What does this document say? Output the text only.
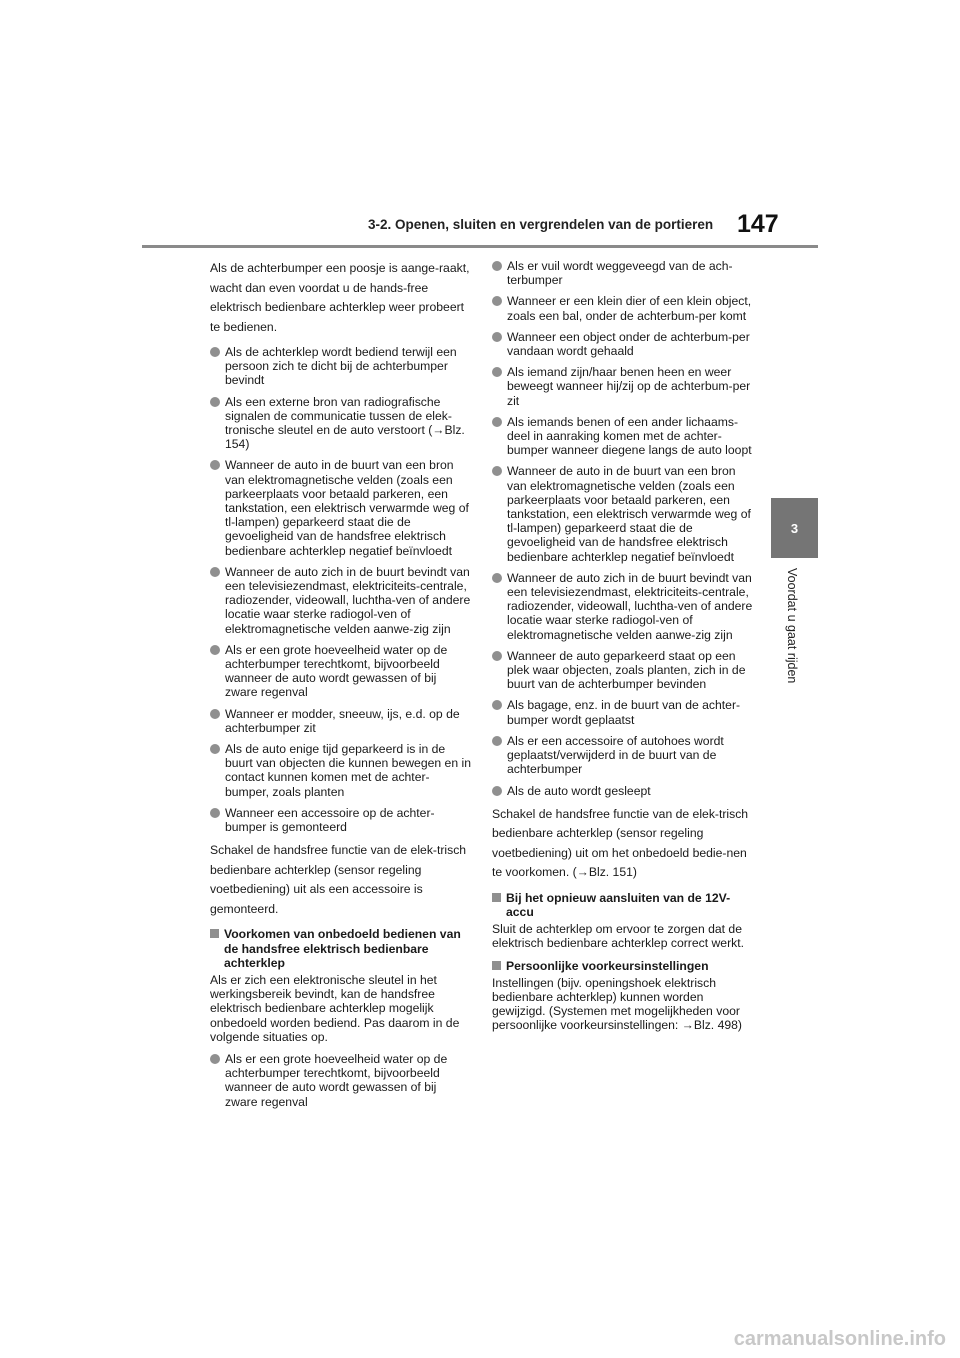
3-2. Openen, sluiten en vergrendelen van de portieren 147
3
Voordat u gaat rijden

Als de achterbumper een poosje is aange-raakt, wacht dan even voordat u de hands-free elektrisch bedienbare achterklep weer probeert te bedienen.

Als de achterklep wordt bediend terwijl een persoon zich te dicht bij de achterbumper bevindt
Als een externe bron van radiografische signalen de communicatie tussen de elek-tronische sleutel en de auto verstoort (→Blz. 154)
Wanneer de auto in de buurt van een bron van elektromagnetische velden (zoals een parkeerplaats voor betaald parkeren, een tankstation, een elektrisch verwarmde weg of tl-lampen) geparkeerd staat die de gevoeligheid van de handsfree elektrisch bedienbare achterklep negatief beïnvloedt
Wanneer de auto zich in de buurt bevindt van een televisiezendmast, elektriciteits-centrale, radiozender, videowall, luchtha-ven of andere locatie waar sterke radiogol-ven of elektromagnetische velden aanwe-zig zijn
Als er een grote hoeveelheid water op de achterbumper terechtkomt, bijvoorbeeld wanneer de auto wordt gewassen of bij zware regenval
Wanneer er modder, sneeuw, ijs, e.d. op de achterbumper zit
Als de auto enige tijd geparkeerd is in de buurt van objecten die kunnen bewegen en in contact kunnen komen met de achter-bumper, zoals planten
Wanneer een accessoire op de achter-bumper is gemonteerd

Schakel de handsfree functie van de elek-trisch bedienbare achterklep (sensor regeling voetbediening) uit als een accessoire is gemonteerd.

Voorkomen van onbedoeld bedienen van de handsfree elektrisch bedienbare achterklep

Als er zich een elektronische sleutel in het werkingsbereik bevindt, kan de handsfree elektrisch bedienbare achterklep mogelijk onbedoeld worden bediend. Pas daarom in de volgende situaties op.

Als er een grote hoeveelheid water op de achterbumper terechtkomt, bijvoorbeeld wanneer de auto wordt gewassen of bij zware regenval
Als er vuil wordt weggeveegd van de ach-terbumper
Wanneer er een klein dier of een klein object, zoals een bal, onder de achterbum-per komt
Wanneer een object onder de achterbum-per vandaan wordt gehaald
Als iemand zijn/haar benen heen en weer beweegt wanneer hij/zij op de achterbum-per zit
Als iemands benen of een ander lichaams-deel in aanraking komen met de achter-bumper wanneer diegene langs de auto loopt
Wanneer de auto in de buurt van een bron van elektromagnetische velden (zoals een parkeerplaats voor betaald parkeren, een tankstation, een elektrisch verwarmde weg of tl-lampen) geparkeerd staat die de gevoeligheid van de handsfree elektrisch bedienbare achterklep negatief beïnvloedt
Wanneer de auto zich in de buurt bevindt van een televisiezendmast, elektriciteits-centrale, radiozender, videowall, luchtha-ven of andere locatie waar sterke radiogol-ven of elektromagnetische velden aanwe-zig zijn
Wanneer de auto geparkeerd staat op een plek waar objecten, zoals planten, zich in de buurt van de achterbumper bevinden
Als bagage, enz. in de buurt van de achter-bumper wordt geplaatst
Als er een accessoire of autohoes wordt geplaatst/verwijderd in de buurt van de achterbumper
Als de auto wordt gesleept

Schakel de handsfree functie van de elek-trisch bedienbare achterklep (sensor regeling voetbediening) uit om het onbedoeld bedie-nen te voorkomen. (→Blz. 151)

Bij het opnieuw aansluiten van de 12V-accu

Sluit de achterklep om ervoor te zorgen dat de elektrisch bedienbare achterklep correct werkt.

Persoonlijke voorkeursinstellingen

Instellingen (bijv. openingshoek elektrisch bedienbare achterklep) kunnen worden gewijzigd. (Systemen met mogelijkheden voor persoonlijke voorkeursinstellingen: →Blz. 498)

carmanualsonline.info
